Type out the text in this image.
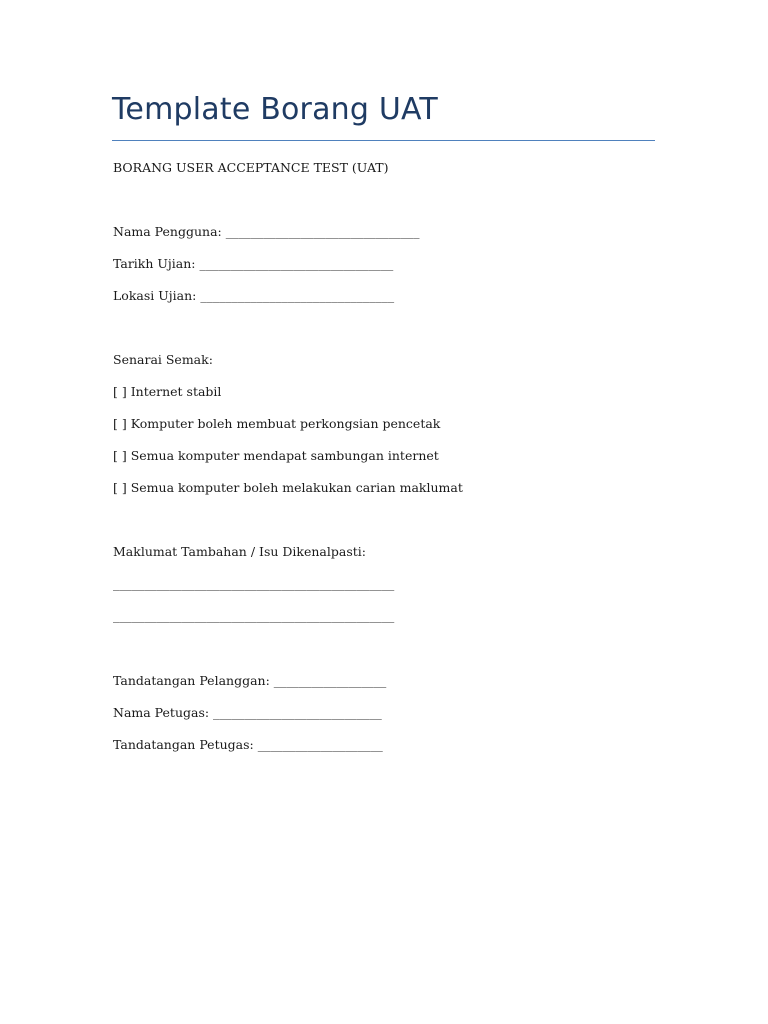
Template Borang UAT
BORANG USER ACCEPTANCE TEST (UAT)
Nama Pengguna: _______________________________
Tarikh Ujian: _______________________________
Lokasi Ujian: _______________________________
Senarai Semak:
[ ] Internet stabil
[ ] Komputer boleh membuat perkongsian pencetak
[ ] Semua komputer mendapat sambungan internet
[ ] Semua komputer boleh melakukan carian maklumat
Maklumat Tambahan / Isu Dikenalpasti:
_____________________________________________
_____________________________________________
Tandatangan Pelanggan: __________________
Nama Petugas: ___________________________
Tandatangan Petugas: ____________________
